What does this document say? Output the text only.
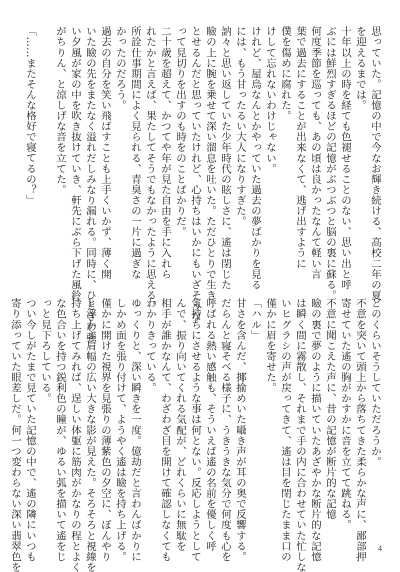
思っていた。記憶の中で今なお輝き続ける、高校二年の夏
を迎えるまでは。
十年以上の時を経ても色褪せることのない、思い出と呼
ぶには鮮烈すぎるほどの記憶がぶつぶつと脳の裏に蘇る。
何度季節を巡っても、あの頃は良かったなんて軽い言
葉で過去にすることが出来なくて、逃げ出すように
僕を傷めに腐れた。
けして忘れないわけじゃない。
けれど、屋烏なんとかやっていた過去の夢ばかりを見る
には、もう甘ったるい大人になりすぎた。
訥々と思い返していた少年時代の眩しさに、遙は閉じた
瞼の上に腕を乗せて深い溜息を吐いた。ただひとりで生き
とせるんだと思っていたけれど、心持ちはいかにもいざそうな
って見切りを出すのも時をのことばかりだ。
二十歳を超えて、かつてや年が見た自由を手に入れら
れたかと言えば、果たしてそうでもなかったように思える。
所詮仕事期間によく見られる、青臭さの一片に過ぎな
かったのだろう。
過去の自分を笑い飛ばすことも上手くいかず、薄く開
いた瞼の先をまたなく溢れだしみなり漏れる。同時に、ひときわ強
い夕風が家の中を吹き抜けていき、軒先にぶら下げた風鈴
がちりん、と涼しげな音を立てた。

「……またそんな格好で寝てるの？」
どのくらいそうしていただろうか。
不意を突いて頭上から落ちてきた柔らかな声に、鄙部押
寄せていた遙の胸がかすかに音を立てて跳ねる。
不意に聞こえた声に、昔の記憶が断片的な記憶
瞼の裏で夢のように描いていたあざやかな断片的な記憶
は瞬く間に霧散し、それまで手の内に合わせていた忙しな
いヒグラシの声が戻ってきて、遙は目を閉じたまま口の
僅かに眉を寄せた。
「ハル」
甘さを含んだ、揶揄めいた囁き声が耳の奥で反響する。
だらんと寝そべる様子に、うきうきな気分で何度も心を
呼ばれる熱い感触も、そういえば遙の名前を優しく呼
気持ちにさせるような事は何とない。反応しようとして
んで、振り向いてくれる気配が、どれくらいに無駄を
相手が誰かなんて、わざわざ目を開けて確認しなくても
わかりきっている。
ゆっくりと、深い瞬きを一度。億劫だと言わんばかりに
しかめ面を張り付けて、ようやく遙は瞼を持ち上げる。
僅かに開けた視界を見張りの薄紫色の夕空に、ぼんやり
と浮かぶ肩幅の広い大きな影が見えた。そろそろと視線を
持ち上げてみれば、逞しい体躯に筋肉がかなりの程とよく
な色合いを持つ鋭利色の瞳が、ゆるい弧を描いて遙をじ
っと見下ろしている。
つい今しがたまで見ていた記憶の中で、遙の隣にいつも
寄り添っていた眼差しだ。何一つ変わらない深い翡翠色を	4
